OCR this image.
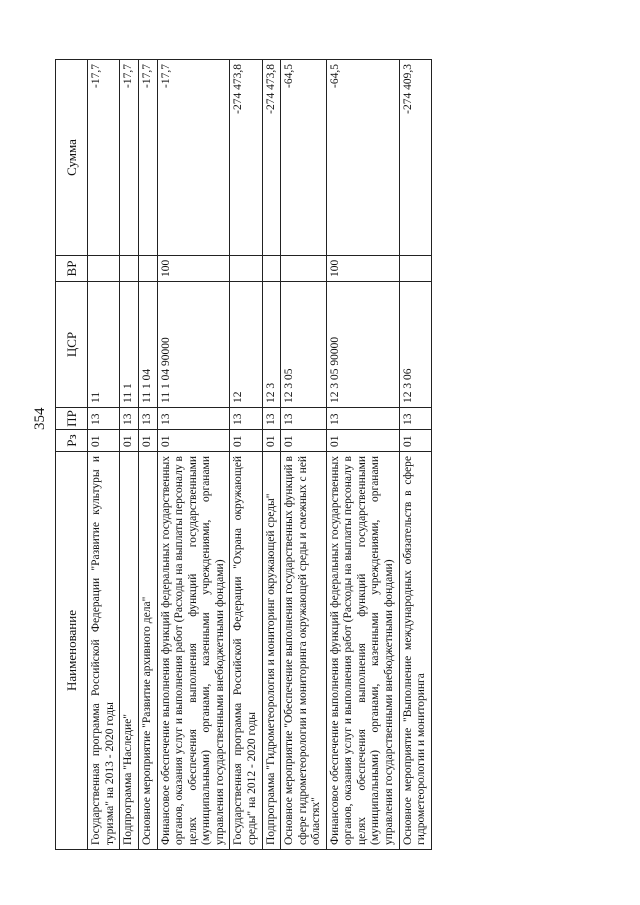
354
Наименование	Рз	ПР	ЦСР	ВР	Сумма
Государственная программа Российской Федерации "Развитие культуры и туризма" на 2013 - 2020 годы	01	13	11		-17,7
Подпрограмма "Наследие"	01	13	11 1		-17,7
Основное мероприятие "Развитие архивного дела"	01	13	11 1 04		-17,7
Финансовое обеспечение выполнения функций федеральных государственных органов, оказания услуг и выполнения работ (Расходы на выплаты персоналу в целях обеспечения выполнения функций государственными (муниципальными) органами, казенными учреждениями, органами управления государственными внебюджетными фондами)	01	13	11 1 04 90000	100	-17,7
Государственная программа Российской Федерации "Охрана окружающей среды" на 2012 - 2020 годы	01	13	12		-274 473,8
Подпрограмма "Гидрометеорология и мониторинг окружающей среды"	01	13	12 3		-274 473,8
Основное мероприятие "Обеспечение выполнения государственных функций в сфере гидрометеорологии и мониторинга окружающей среды и смежных с ней областях"	01	13	12 3 05		-64,5
Финансовое обеспечение выполнения функций федеральных государственных органов, оказания услуг и выполнения работ (Расходы на выплаты персоналу в целях обеспечения выполнения функций государственными (муниципальными) органами, казенными учреждениями, органами управления государственными внебюджетными фондами)	01	13	12 3 05 90000	100	-64,5
Основное мероприятие "Выполнение международных обязательств в сфере гидрометеорологии и мониторинга	01	13	12 3 06		-274 409,3
